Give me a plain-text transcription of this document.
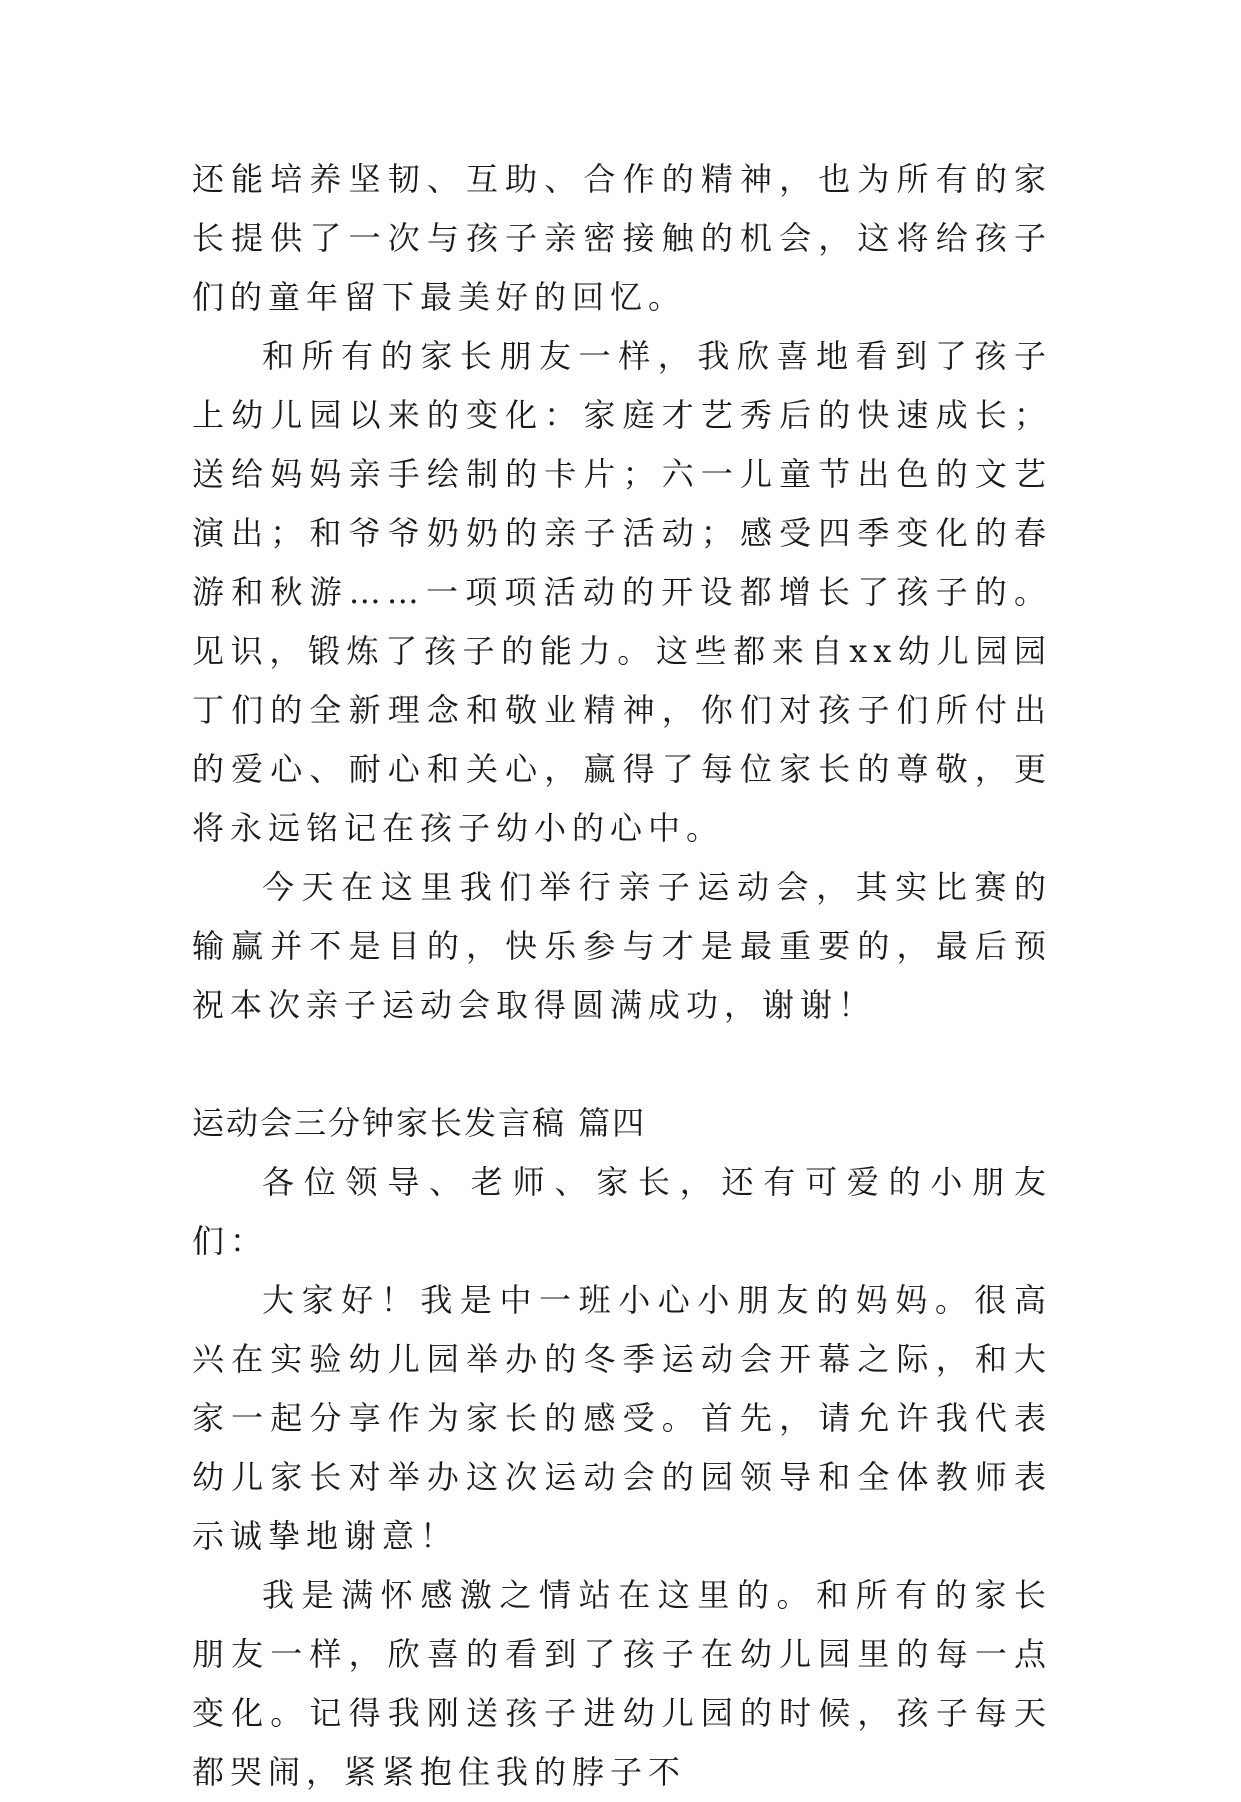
还能培养坚韧、互助、合作的精神，也为所有的家长提供了一次与孩子亲密接触的机会，这将给孩子们的童年留下最美好的回忆。

和所有的家长朋友一样，我欣喜地看到了孩子上幼儿园以来的变化：家庭才艺秀后的快速成长；送给妈妈亲手绘制的卡片；六一儿童节出色的文艺演出；和爷爷奶奶的亲子活动；感受四季变化的春游和秋游……一项项活动的开设都增长了孩子的。见识，锻炼了孩子的能力。这些都来自xx幼儿园园丁们的全新理念和敬业精神，你们对孩子们所付出的爱心、耐心和关心，赢得了每位家长的尊敬，更将永远铭记在孩子幼小的心中。

今天在这里我们举行亲子运动会，其实比赛的输赢并不是目的，快乐参与才是最重要的，最后预祝本次亲子运动会取得圆满成功，谢谢！

运动会三分钟家长发言稿 篇四

各位领导、老师、家长，还有可爱的小朋友们：

大家好！我是中一班小心小朋友的妈妈。很高兴在实验幼儿园举办的冬季运动会开幕之际，和大家一起分享作为家长的感受。首先，请允许我代表幼儿家长对举办这次运动会的园领导和全体教师表示诚挚地谢意！

我是满怀感激之情站在这里的。和所有的家长朋友一样，欣喜的看到了孩子在幼儿园里的每一点变化。记得我刚送孩子进幼儿园的时候，孩子每天都哭闹，紧紧抱住我的脖子不
